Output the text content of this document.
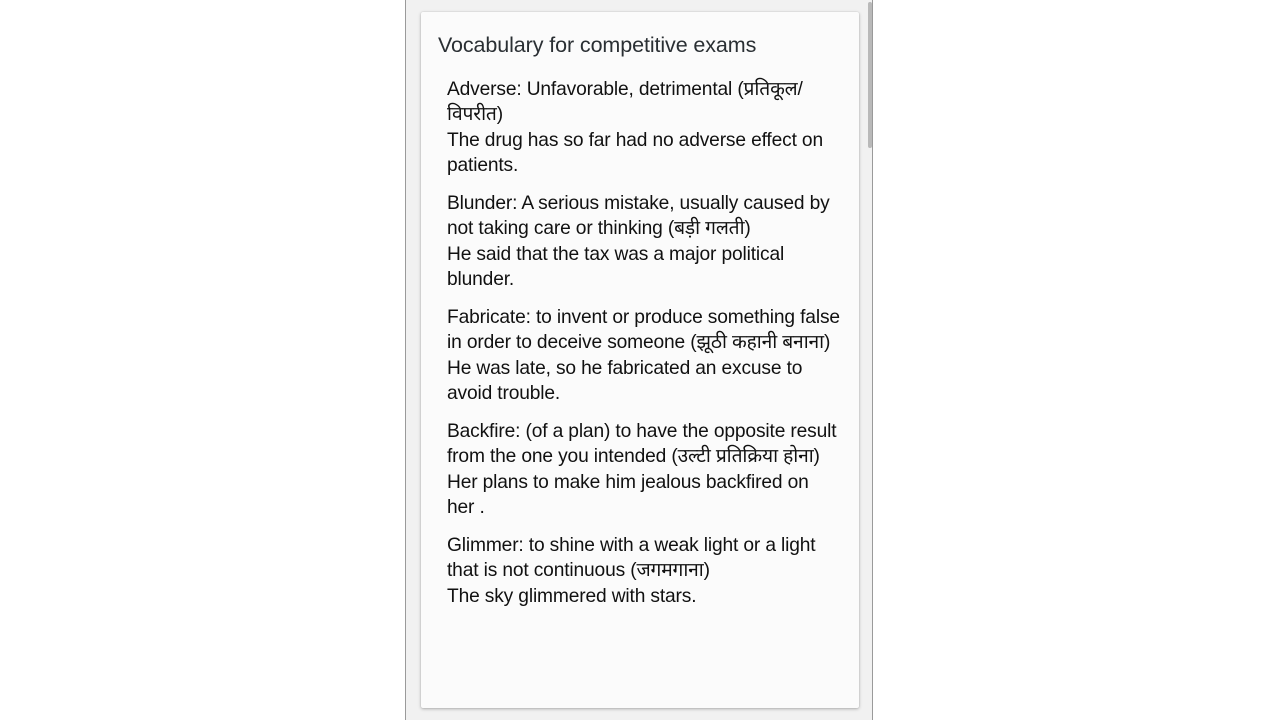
Vocabulary for competitive exams

Adverse: Unfavorable, detrimental (प्रतिकूल/ विपरीत)

The drug has so far had no adverse effect on patients.

Blunder: A serious mistake, usually caused by not taking care or thinking (बड़ी गलती)

He said that the tax was a major political blunder.

Fabricate: to invent or produce something false in order to deceive someone (झूठी कहानी बनाना)

He was late, so he fabricated an excuse to avoid trouble.

Backfire: (of a plan) to have the opposite result from the one you intended (उल्टी प्रतिक्रिया होना)

Her plans to make him jealous backfired on her .

Glimmer: to shine with a weak light or a light that is not continuous (जगमगाना)

The sky glimmered with stars.
